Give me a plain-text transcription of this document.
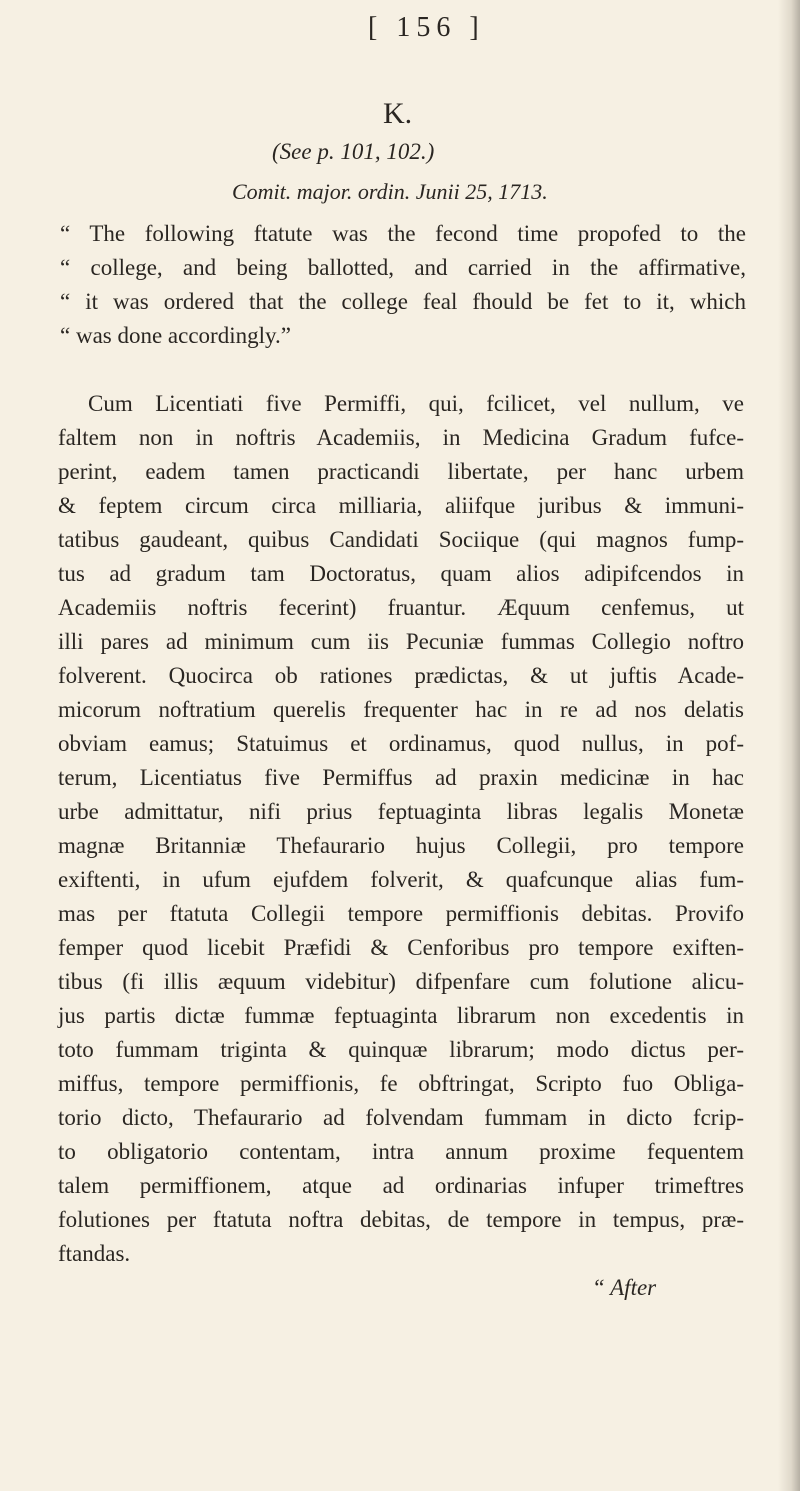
[ 156 ]
K.
(See p. 101, 102.)
Comit. major. ordin. Junii 25, 1713.
“ The following ftatute was the fecond time propofed to the
“ college, and being ballotted, and carried in the affirmative,
“ it was ordered that the college feal fhould be fet to it, which
“ was done accordingly.”
Cum Licentiati five Permiffi, qui, fcilicet, vel nullum, ve
faltem non in noftris Academiis, in Medicina Gradum fufce-
perint, eadem tamen practicandi libertate, per hanc urbem
& feptem circum circa milliaria, aliifque juribus & immuni-
tatibus gaudeant, quibus Candidati Sociique (qui magnos fump-
tus ad gradum tam Doctoratus, quam alios adipifcendos in
Academiis noftris fecerint) fruantur. Æquum cenfemus, ut
illi pares ad minimum cum iis Pecuniæ fummas Collegio noftro
folverent. Quocirca ob rationes prædictas, & ut juftis Acade-
micorum noftratium querelis frequenter hac in re ad nos delatis
obviam eamus; Statuimus et ordinamus, quod nullus, in pof-
terum, Licentiatus five Permiffus ad praxin medicinæ in hac
urbe admittatur, nifi prius feptuaginta libras legalis Monetæ
magnæ Britanniæ Thefaurario hujus Collegii, pro tempore
exiftenti, in ufum ejufdem folverit, & quafcunque alias fum-
mas per ftatuta Collegii tempore permiffionis debitas. Provifo
femper quod licebit Præfidi & Cenforibus pro tempore exiften-
tibus (fi illis æquum videbitur) difpenfare cum folutione alicu-
jus partis dictæ fummæ feptuaginta librarum non excedentis in
toto fummam triginta & quinquæ librarum; modo dictus per-
miffus, tempore permiffionis, fe obftringat, Scripto fuo Obliga-
torio dicto, Thefaurario ad folvendam fummam in dicto fcrip-
to obligatorio contentam, intra annum proxime fequentem
talem permiffionem, atque ad ordinarias infuper trimeftres
folutiones per ftatuta noftra debitas, de tempore in tempus, præ-
ftandas.
“ After
